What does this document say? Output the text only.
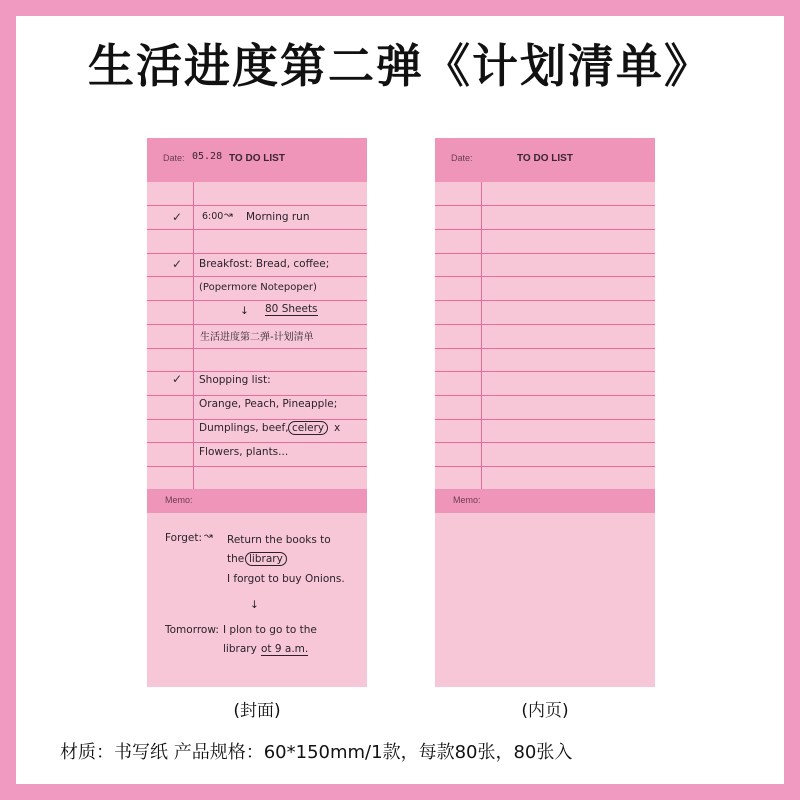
生活进度第二弹《计划清单》
Date: 05.28 TO DO LIST
✓
✓
✓
6:00 ↝ Morning run
Breakfost: Bread, coffee;
(Popermore Notepoper)
↓ 80 Sheets
生活进度第二弹-计划清单
Shopping list:
Orange, Peach, Pineapple;
Dumplings, beef, celery x
Flowers, plants...
Memo:
Forget: ↝ Return the books to
the library
I forgot to buy Onions.
↓
Tomorrow: I plon to go to the
library ot 9 a.m.
Date:	TO DO LIST
Memo:
(封面)	(内页)
材质：书写纸 产品规格：60*150mm/1款，每款80张，80张入
